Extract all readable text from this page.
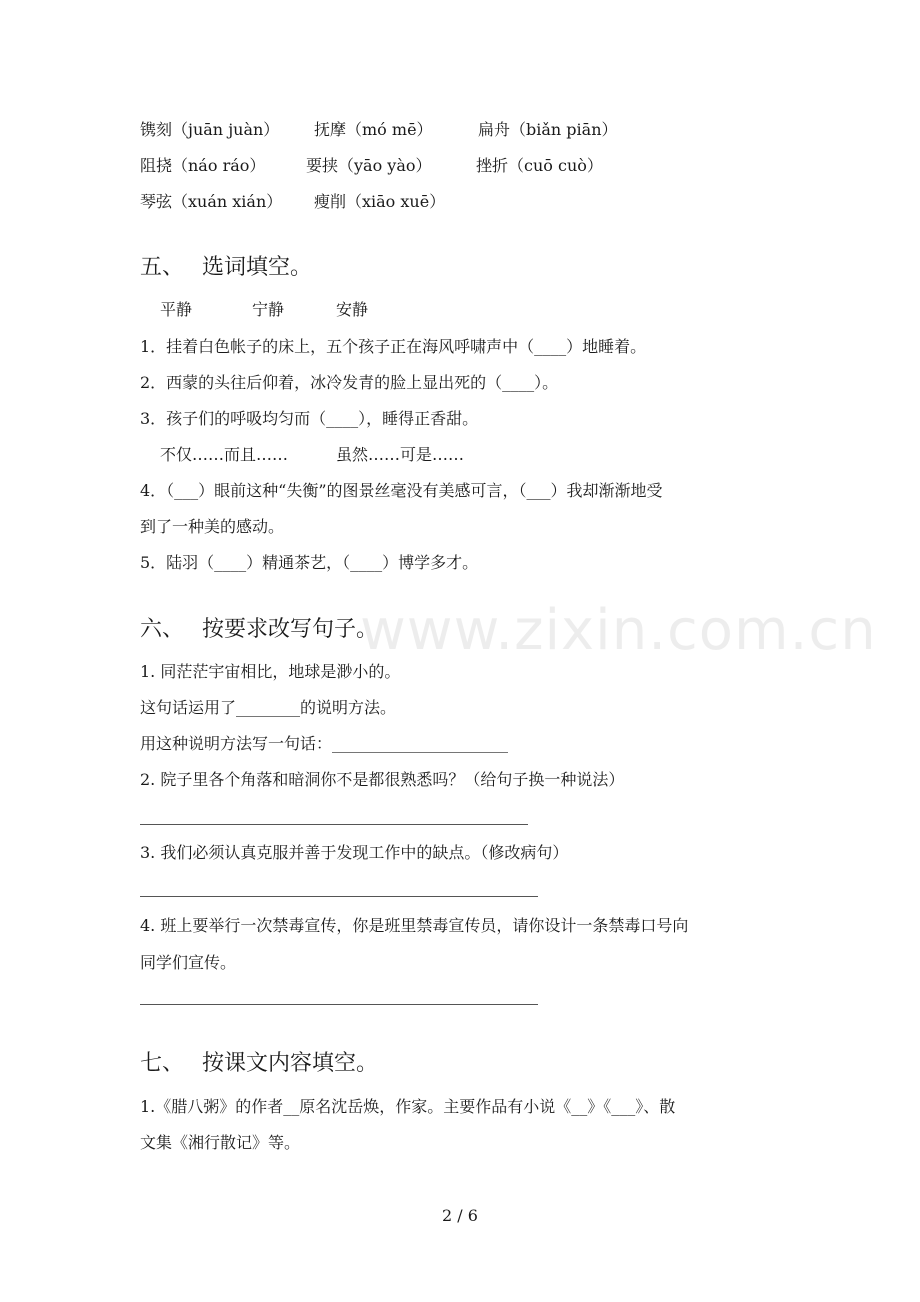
镌刻（juān juàn） 抚摩（mó mē）	扁舟（biǎn piān）
阻挠（náo ráo）	要挟（yāo yào）	挫折（cuō cuò）
琴弦（xuán xián） 瘦削（xiāo xuē）
五、 选词填空。
平静	宁静	安静
1．挂着白色帐子的床上，五个孩子正在海风呼啸声中（____）地睡着。
2．西蒙的头往后仰着，冰冷发青的脸上显出死的（____）。
3．孩子们的呼吸均匀而（____），睡得正香甜。
不仅……而且……	虽然……可是……
4．（___）眼前这种“失衡”的图景丝毫没有美感可言，（___）我却渐渐地受
到了一种美的感动。
5．陆羽（____）精通茶艺，（____）博学多才。
www.zixin.com.cn
六、 按要求改写句子。
1. 同茫茫宇宙相比，地球是渺小的。
这句话运用了________的说明方法。
用这种说明方法写一句话：______________________
2. 院子里各个角落和暗洞你不是都很熟悉吗？（给句子换一种说法）
3. 我们必须认真克服并善于发现工作中的缺点。（修改病句）
4. 班上要举行一次禁毒宣传，你是班里禁毒宣传员，请你设计一条禁毒口号向
同学们宣传。
七、 按课文内容填空。
1.《腊八粥》的作者__原名沈岳焕，作家。主要作品有小说《__》《___》、散
文集《湘行散记》等。
2 / 6
